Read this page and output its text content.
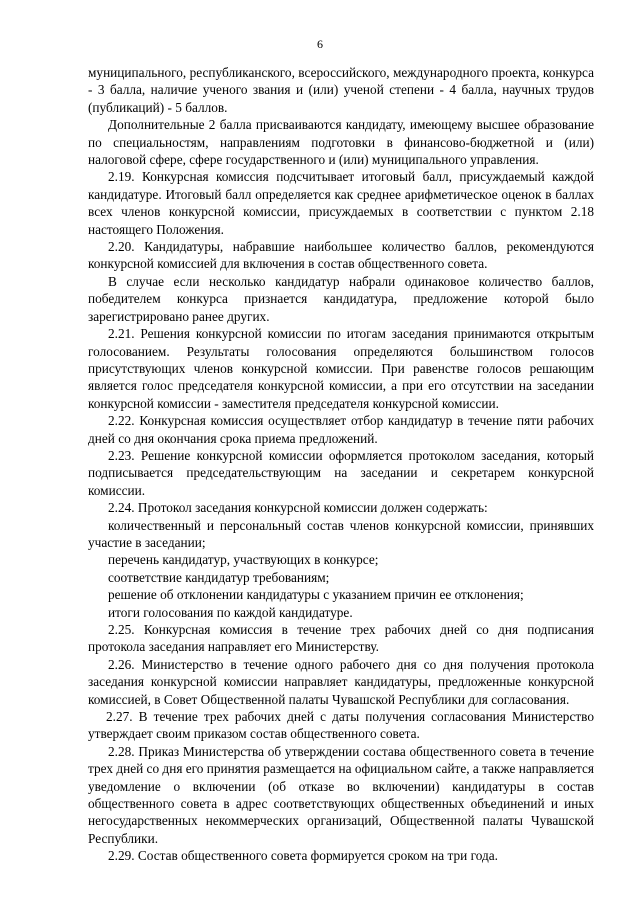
6

муниципального, республиканского, всероссийского, международного проекта, конкурса - 3 балла, наличие ученого звания и (или) ученой степени - 4 балла, научных трудов (публикаций) - 5 баллов.

Дополнительные 2 балла присваиваются кандидату, имеющему высшее образование по специальностям, направлениям подготовки в финансово-бюджетной и (или) налоговой сфере, сфере государственного и (или) муниципального управления.

2.19. Конкурсная комиссия подсчитывает итоговый балл, присуждаемый каждой кандидатуре. Итоговый балл определяется как среднее арифметическое оценок в баллах всех членов конкурсной комиссии, присуждаемых в соответствии с пунктом 2.18 настоящего Положения.

2.20. Кандидатуры, набравшие наибольшее количество баллов, рекомендуются конкурсной комиссией для включения в состав общественного совета.

В случае если несколько кандидатур набрали одинаковое количество баллов, победителем конкурса признается кандидатура, предложение которой было зарегистрировано ранее других.

2.21. Решения конкурсной комиссии по итогам заседания принимаются открытым голосованием. Результаты голосования определяются большинством голосов присутствующих членов конкурсной комиссии. При равенстве голосов решающим является голос председателя конкурсной комиссии, а при его отсутствии на заседании конкурсной комиссии - заместителя председателя конкурсной комиссии.

2.22. Конкурсная комиссия осуществляет отбор кандидатур в течение пяти рабочих дней со дня окончания срока приема предложений.

2.23. Решение конкурсной комиссии оформляется протоколом заседания, который подписывается председательствующим на заседании и секретарем конкурсной комиссии.

2.24. Протокол заседания конкурсной комиссии должен содержать:

количественный и персональный состав членов конкурсной комиссии, принявших участие в заседании;

перечень кандидатур, участвующих в конкурсе;

соответствие кандидатур требованиям;

решение об отклонении кандидатуры с указанием причин ее отклонения;

итоги голосования по каждой кандидатуре.

2.25. Конкурсная комиссия в течение трех рабочих дней со дня подписания протокола заседания направляет его Министерству.

2.26. Министерство в течение одного рабочего дня со дня получения протокола заседания конкурсной комиссии направляет кандидатуры, предложенные конкурсной комиссией, в Совет Общественной палаты Чувашской Республики для согласования.

2.27. В течение трех рабочих дней с даты получения согласования Министерство утверждает своим приказом состав общественного совета.

2.28. Приказ Министерства об утверждении состава общественного совета в течение трех дней со дня его принятия размещается на официальном сайте, а также направляется уведомление о включении (об отказе во включении) кандидатуры в состав общественного совета в адрес соответствующих общественных объединений и иных негосударственных некоммерческих организаций, Общественной палаты Чувашской Республики.

2.29. Состав общественного совета формируется сроком на три года.
